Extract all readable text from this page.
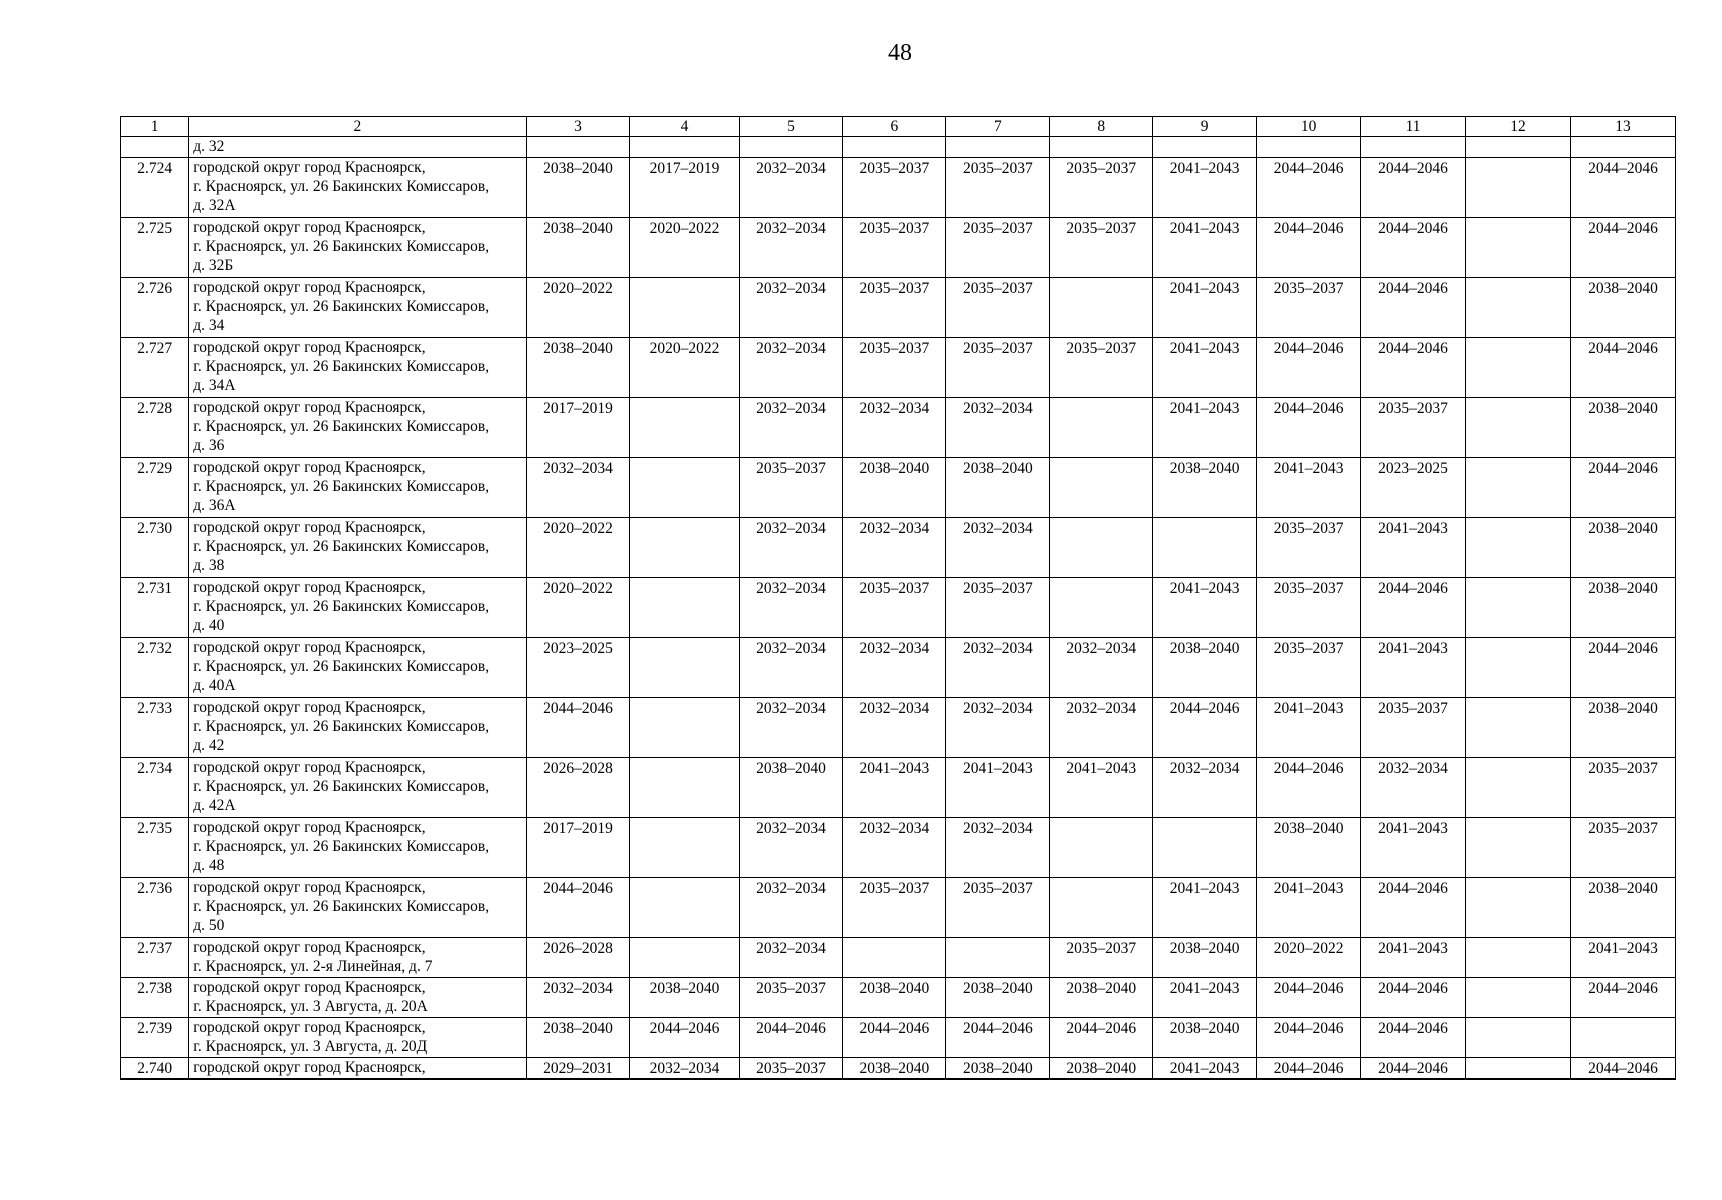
48
1	2	3	4	5	6	7	8	9	10	11	12	13

	д. 32											

2.724	городской округ город Красноярск,
г. Красноярск, ул. 26 Бакинских Комиссаров,
д. 32А	2038–2040	2017–2019	2032–2034	2035–2037	2035–2037	2035–2037	2041–2043	2044–2046	2044–2046		2044–2046
2.725	городской округ город Красноярск,
г. Красноярск, ул. 26 Бакинских Комиссаров,
д. 32Б	2038–2040	2020–2022	2032–2034	2035–2037	2035–2037	2035–2037	2041–2043	2044–2046	2044–2046		2044–2046
2.726	городской округ город Красноярск,
г. Красноярск, ул. 26 Бакинских Комиссаров,
д. 34	2020–2022		2032–2034	2035–2037	2035–2037		2041–2043	2035–2037	2044–2046		2038–2040
2.727	городской округ город Красноярск,
г. Красноярск, ул. 26 Бакинских Комиссаров,
д. 34А	2038–2040	2020–2022	2032–2034	2035–2037	2035–2037	2035–2037	2041–2043	2044–2046	2044–2046		2044–2046
2.728	городской округ город Красноярск,
г. Красноярск, ул. 26 Бакинских Комиссаров,
д. 36	2017–2019		2032–2034	2032–2034	2032–2034		2041–2043	2044–2046	2035–2037		2038–2040
2.729	городской округ город Красноярск,
г. Красноярск, ул. 26 Бакинских Комиссаров,
д. 36А	2032–2034		2035–2037	2038–2040	2038–2040		2038–2040	2041–2043	2023–2025		2044–2046
2.730	городской округ город Красноярск,
г. Красноярск, ул. 26 Бакинских Комиссаров,
д. 38	2020–2022		2032–2034	2032–2034	2032–2034			2035–2037	2041–2043		2038–2040
2.731	городской округ город Красноярск,
г. Красноярск, ул. 26 Бакинских Комиссаров,
д. 40	2020–2022		2032–2034	2035–2037	2035–2037		2041–2043	2035–2037	2044–2046		2038–2040
2.732	городской округ город Красноярск,
г. Красноярск, ул. 26 Бакинских Комиссаров,
д. 40А	2023–2025		2032–2034	2032–2034	2032–2034	2032–2034	2038–2040	2035–2037	2041–2043		2044–2046
2.733	городской округ город Красноярск,
г. Красноярск, ул. 26 Бакинских Комиссаров,
д. 42	2044–2046		2032–2034	2032–2034	2032–2034	2032–2034	2044–2046	2041–2043	2035–2037		2038–2040
2.734	городской округ город Красноярск,
г. Красноярск, ул. 26 Бакинских Комиссаров,
д. 42А	2026–2028		2038–2040	2041–2043	2041–2043	2041–2043	2032–2034	2044–2046	2032–2034		2035–2037
2.735	городской округ город Красноярск,
г. Красноярск, ул. 26 Бакинских Комиссаров,
д. 48	2017–2019		2032–2034	2032–2034	2032–2034			2038–2040	2041–2043		2035–2037
2.736	городской округ город Красноярск,
г. Красноярск, ул. 26 Бакинских Комиссаров,
д. 50	2044–2046		2032–2034	2035–2037	2035–2037		2041–2043	2041–2043	2044–2046		2038–2040
2.737	городской округ город Красноярск,
г. Красноярск, ул. 2-я Линейная, д. 7	2026–2028		2032–2034			2035–2037	2038–2040	2020–2022	2041–2043		2041–2043
2.738	городской округ город Красноярск,
г. Красноярск, ул. 3 Августа, д. 20А	2032–2034	2038–2040	2035–2037	2038–2040	2038–2040	2038–2040	2041–2043	2044–2046	2044–2046		2044–2046
2.739	городской округ город Красноярск,
г. Красноярск, ул. 3 Августа, д. 20Д	2038–2040	2044–2046	2044–2046	2044–2046	2044–2046	2044–2046	2038–2040	2044–2046	2044–2046		
2.740	городской округ город Красноярск,	2029–2031	2032–2034	2035–2037	2038–2040	2038–2040	2038–2040	2041–2043	2044–2046	2044–2046		2044–2046
